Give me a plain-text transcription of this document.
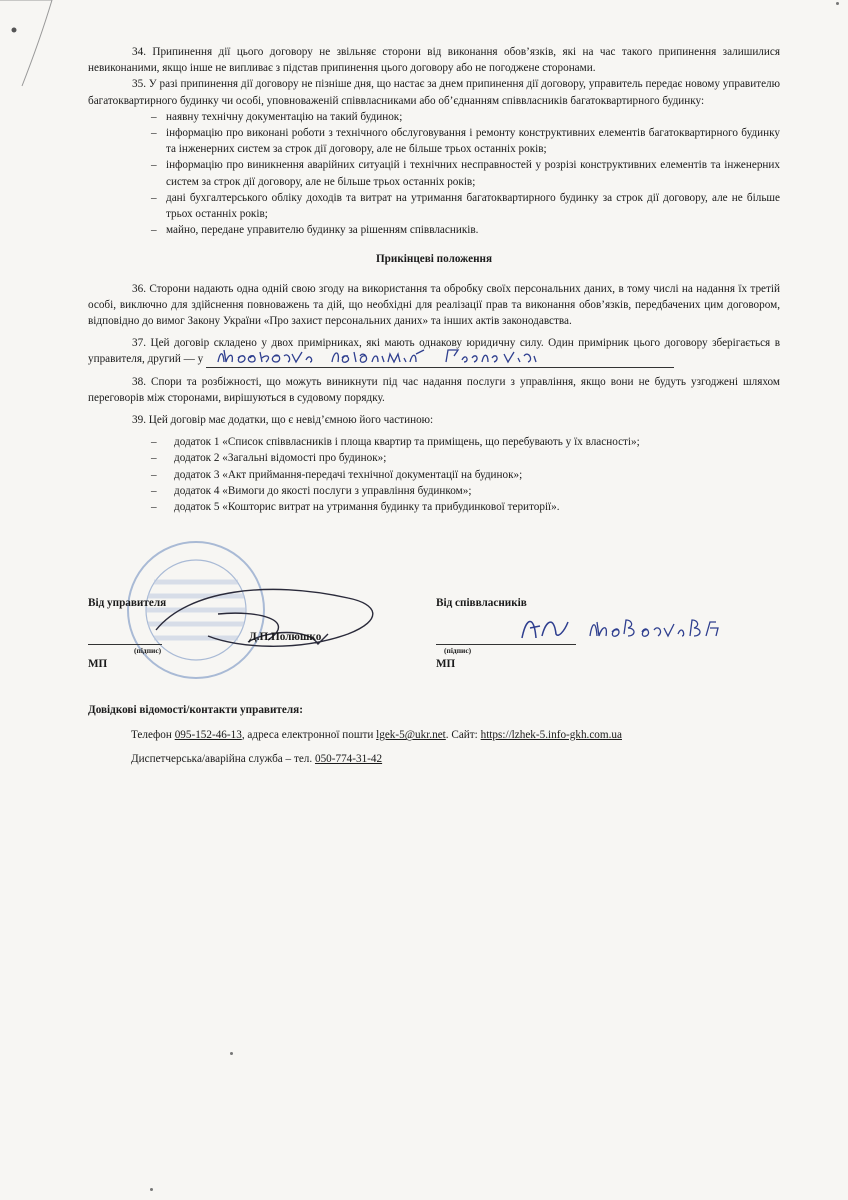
34. Припинення дії цього договору не звільняє сторони від виконання обов’язків, які на час такого припинення залишилися невиконаними, якщо інше не випливає з підстав припинення цього договору або не погоджене сторонами.

35. У разі припинення дії договору не пізніше дня, що настає за днем припинення дії договору, управитель передає новому управителю багатоквартирного будинку чи особі, уповноваженій співвласниками або об’єднанням співвласників багатоквартирного будинку:

– наявну технічну документацію на такий будинок;
– інформацію про виконані роботи з технічного обслуговування і ремонту конструктивних елементів багатоквартирного будинку та інженерних систем за строк дії договору, але не більше трьох останніх років;
– інформацію про виникнення аварійних ситуацій і технічних несправностей у розрізі конструктивних елементів та інженерних систем за строк дії договору, але не більше трьох останніх років;
– дані бухгалтерського обліку доходів та витрат на утримання багатоквартирного будинку за строк дії договору, але не більше трьох останніх років;
– майно, передане управителю будинку за рішенням співвласників.

Прикінцеві положення

36. Сторони надають одна одній свою згоду на використання та обробку своїх персональних даних, в тому числі на надання їх третій особі, виключно для здійснення повноважень та дій, що необхідні для реалізації прав та виконання обов’язків, передбачених цим договором, відповідно до вимог Закону України «Про захист персональних даних» та інших актів законодавства.

37. Цей договір складено у двох примірниках, які мають однакову юридичну силу. Один примірник цього договору зберігається в управителя, другий — у

38. Спори та розбіжності, що можуть виникнути під час надання послуги з управління, якщо вони не будуть узгоджені шляхом переговорів між сторонами, вирішуються в судовому порядку.

39. Цей договір має додатки, що є невід’ємною його частиною:

– додаток 1 «Список співвласників і площа квартир та приміщень, що перебувають у їх власності»;
– додаток 2 «Загальні відомості про будинок»;
– додаток 3 «Акт приймання-передачі технічної документації на будинок»;
– додаток 4 «Вимоги до якості послуги з управління будинком»;
– додаток 5 «Кошторис витрат на утримання будинку та прибудинкової території».
Від управителя
(підпис)
МП
Д.П.Полюшко
Від співвласників
(підпис)
МП

Довідкові відомості/контакти управителя:

Телефон 095-152-46-13, адреса електронної пошти lgek-5@ukr.net. Сайт: https://lzhek-5.info-gkh.com.ua

Диспетчерська/аварійна служба – тел. 050-774-31-42
